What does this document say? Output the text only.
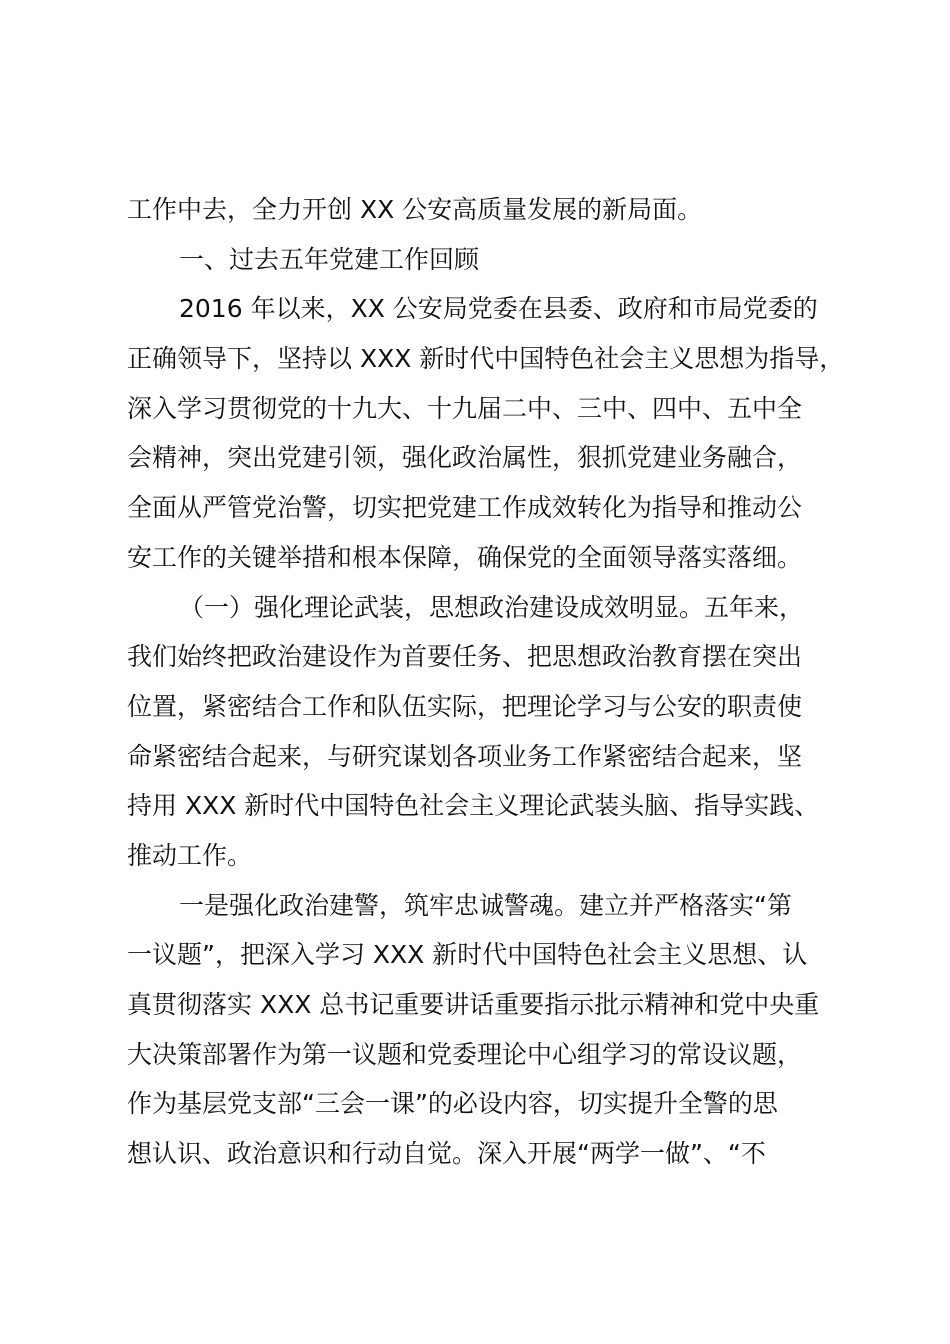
工作中去，全力开创 XX 公安高质量发展的新局面。
一、过去五年党建工作回顾
2016 年以来，XX 公安局党委在县委、政府和市局党委的
正确领导下，坚持以 XXX 新时代中国特色社会主义思想为指导，
深入学习贯彻党的十九大、十九届二中、三中、四中、五中全
会精神，突出党建引领，强化政治属性，狠抓党建业务融合，
全面从严管党治警，切实把党建工作成效转化为指导和推动公
安工作的关键举措和根本保障，确保党的全面领导落实落细。
（一）强化理论武装，思想政治建设成效明显。五年来，
我们始终把政治建设作为首要任务、把思想政治教育摆在突出
位置，紧密结合工作和队伍实际，把理论学习与公安的职责使
命紧密结合起来，与研究谋划各项业务工作紧密结合起来，坚
持用 XXX 新时代中国特色社会主义理论武装头脑、指导实践、
推动工作。
一是强化政治建警，筑牢忠诚警魂。建立并严格落实“第
一议题”，把深入学习 XXX 新时代中国特色社会主义思想、认
真贯彻落实 XXX 总书记重要讲话重要指示批示精神和党中央重
大决策部署作为第一议题和党委理论中心组学习的常设议题，
作为基层党支部“三会一课”的必设内容，切实提升全警的思
想认识、政治意识和行动自觉。深入开展“两学一做”、“不
